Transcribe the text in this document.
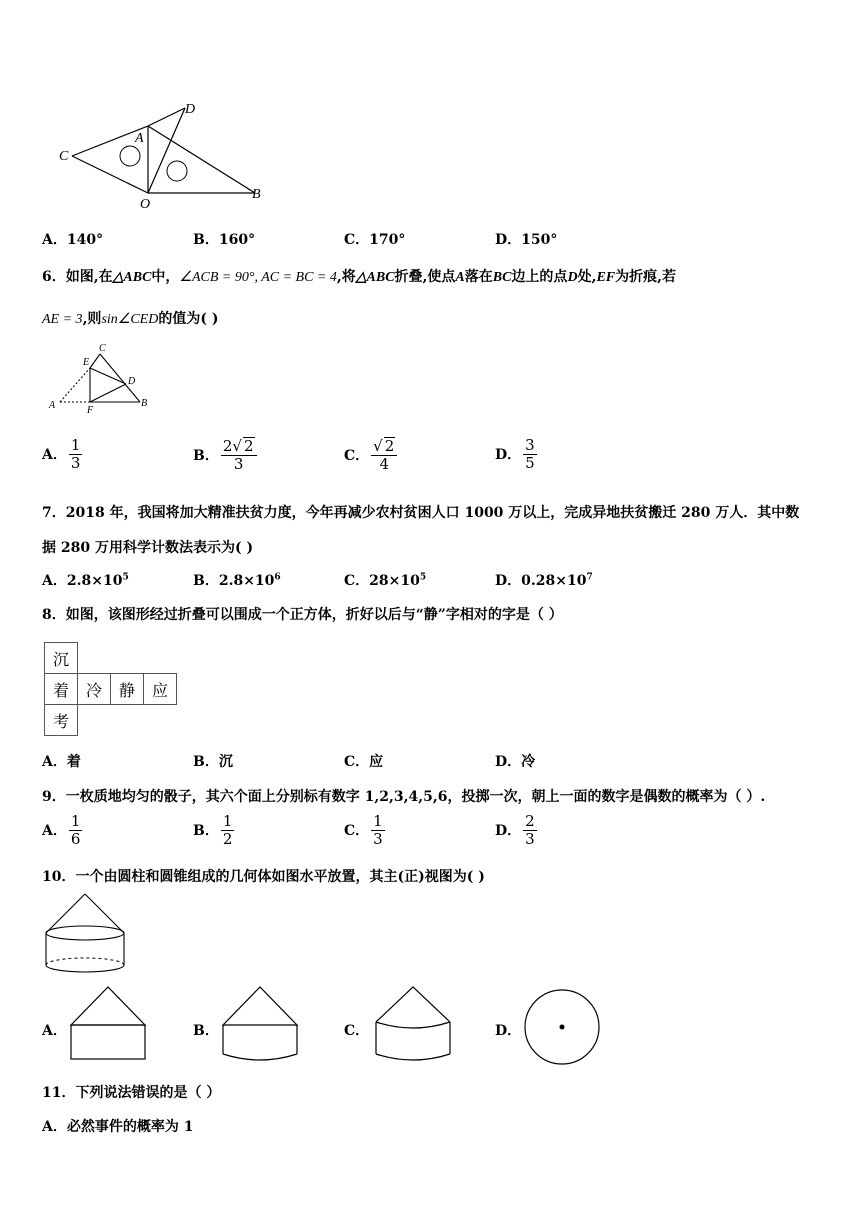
C
A
D
O
B
A．140°	B．160°	C．170°	D．150°
6．如图,在△ABC中，∠ACB = 90°, AC = BC = 4,将△ABC折叠,使点A落在BC边上的点D处,EF为折痕,若
AE = 3,则sin∠CED的值为( )
A	B
C
D
E
F
A． $\frac{1}{3}$	B． $\frac{2√ 2}{3}$	C． $\frac{√ 2}{4}$	D． $\frac{3}{5}$
7．2018 年，我国将加大精准扶贫力度，今年再减少农村贫困人口 1000 万以上，完成异地扶贫搬迁 280 万人．其中数
据 280 万用科学计数法表示为( )
A．$2.8\times 10^5$	B．$2.8\times 10^6$	C．$28\times 10^5$	D．$0.28\times 10^7$
8．如图，该图形经过折叠可以围成一个正方体，折好以后与“静”字相对的字是（ ）
沉			
着	冷	静	应
考			
A．着	B．沉	C．应	D．冷
9．一枚质地均匀的骰子，其六个面上分别标有数字 1,2,3,4,5,6，投掷一次，朝上一面的数字是偶数的概率为（ ）.
A． $\frac{1}{6}$	B． $\frac{1}{2}$	C． $\frac{1}{3}$	D． $\frac{2}{3}$
10．一个由圆柱和圆锥组成的几何体如图水平放置，其主(正)视图为( )
A．	B．	C．	D．
11．下列说法错误的是（ ）
A．必然事件的概率为 1
